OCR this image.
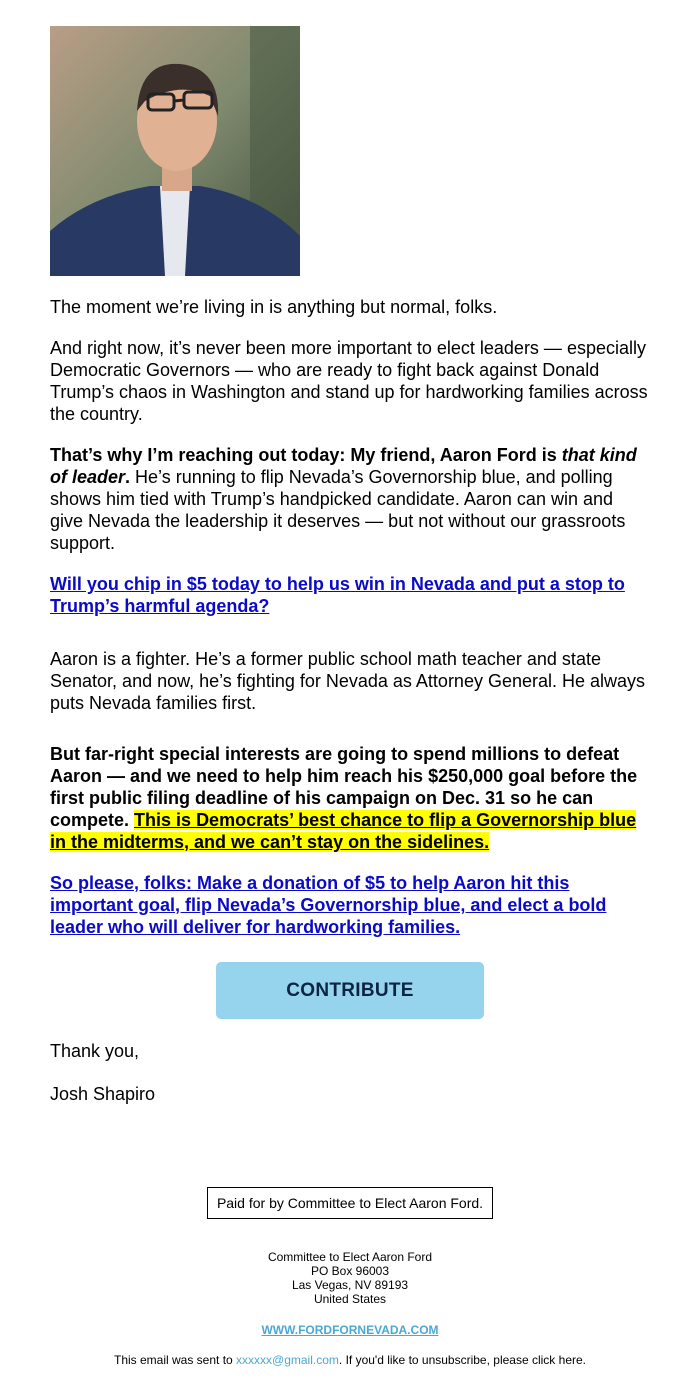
The moment we’re living in is anything but normal, folks.

And right now, it’s never been more important to elect leaders — especially Democratic Governors — who are ready to fight back against Donald Trump’s chaos in Washington and stand up for hardworking families across the country.

That’s why I’m reaching out today: My friend, Aaron Ford is that kind of leader. He’s running to flip Nevada’s Governorship blue, and polling shows him tied with Trump’s handpicked candidate. Aaron can win and give Nevada the leadership it deserves — but not without our grassroots support.

Will you chip in $5 today to help us win in Nevada and put a stop to Trump’s harmful agenda?

Aaron is a fighter. He’s a former public school math teacher and state Senator, and now, he’s fighting for Nevada as Attorney General. He always puts Nevada families first.

But far-right special interests are going to spend millions to defeat Aaron — and we need to help him reach his $250,000 goal before the first public filing deadline of his campaign on Dec. 31 so he can compete. This is Democrats’ best chance to flip a Governorship blue in the midterms, and we can’t stay on the sidelines.

So please, folks: Make a donation of $5 to help Aaron hit this important goal, flip Nevada’s Governorship blue, and elect a bold leader who will deliver for hardworking families.

CONTRIBUTE

Thank you,

Josh Shapiro

Paid for by Committee to Elect Aaron Ford.
Committee to Elect Aaron Ford
PO Box 96003
Las Vegas, NV 89193
United States
WWW.FORDFORNEVADA.COM
This email was sent to xxxxxx@gmail.com. If you'd like to unsubscribe, please click here.
